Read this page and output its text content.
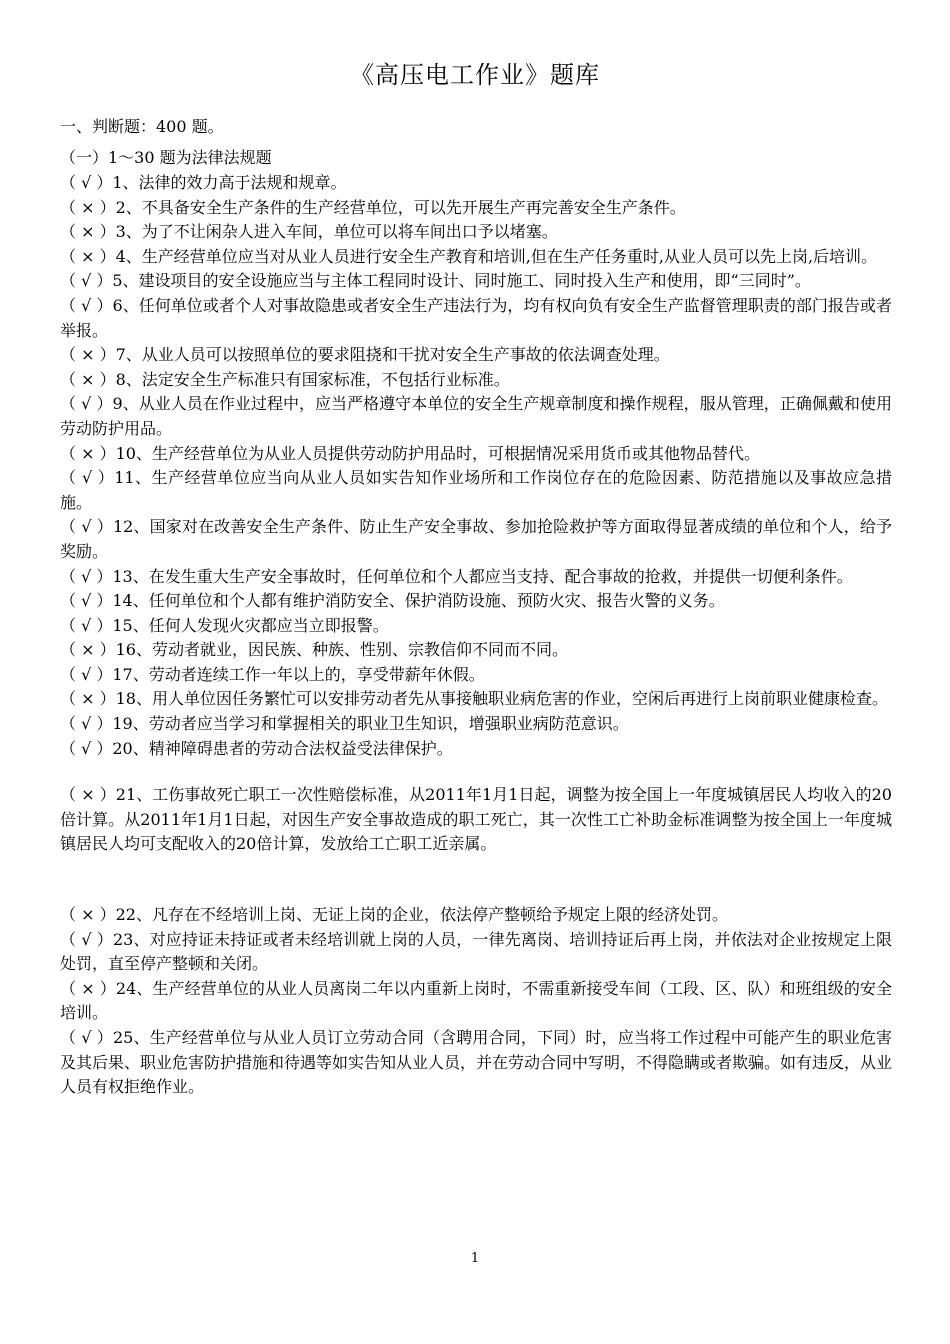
《高压电工作业》题库
一、判断题：400 题。
（一）1～30 题为法律法规题

（ √ ）1、法律的效力高于法规和规章。

（ × ）2、不具备安全生产条件的生产经营单位，可以先开展生产再完善安全生产条件。

（ × ）3、为了不让闲杂人进入车间，单位可以将车间出口予以堵塞。

（ × ）4、生产经营单位应当对从业人员进行安全生产教育和培训,但在生产任务重时,从业人员可以先上岗,后培训。

（ √ ）5、建设项目的安全设施应当与主体工程同时设计、同时施工、同时投入生产和使用，即“三同时”。

（ √ ）6、任何单位或者个人对事故隐患或者安全生产违法行为，均有权向负有安全生产监督管理职责的部门报告或者举报。

（ × ）7、从业人员可以按照单位的要求阻挠和干扰对安全生产事故的依法调查处理。

（ × ）8、法定安全生产标准只有国家标准，不包括行业标准。

（ √ ）9、从业人员在作业过程中，应当严格遵守本单位的安全生产规章制度和操作规程，服从管理，正确佩戴和使用劳动防护用品。

（ × ）10、生产经营单位为从业人员提供劳动防护用品时，可根据情况采用货币或其他物品替代。

（ √ ）11、生产经营单位应当向从业人员如实告知作业场所和工作岗位存在的危险因素、防范措施以及事故应急措施。

（ √ ）12、国家对在改善安全生产条件、防止生产安全事故、参加抢险救护等方面取得显著成绩的单位和个人，给予奖励。

（ √ ）13、在发生重大生产安全事故时，任何单位和个人都应当支持、配合事故的抢救，并提供一切便利条件。

（ √ ）14、任何单位和个人都有维护消防安全、保护消防设施、预防火灾、报告火警的义务。

（ √ ）15、任何人发现火灾都应当立即报警。

（ × ）16、劳动者就业，因民族、种族、性别、宗教信仰不同而不同。

（ √ ）17、劳动者连续工作一年以上的，享受带薪年休假。

（ × ）18、用人单位因任务繁忙可以安排劳动者先从事接触职业病危害的作业，空闲后再进行上岗前职业健康检查。

（ √ ）19、劳动者应当学习和掌握相关的职业卫生知识，增强职业病防范意识。

（ √ ）20、精神障碍患者的劳动合法权益受法律保护。

（ × ）21、工伤事故死亡职工一次性赔偿标准，从2011年1月1日起，调整为按全国上一年度城镇居民人均收入的20倍计算。从2011年1月1日起，对因生产安全事故造成的职工死亡，其一次性工亡补助金标准调整为按全国上一年度城镇居民人均可支配收入的20倍计算，发放给工亡职工近亲属。

（ × ）22、凡存在不经培训上岗、无证上岗的企业，依法停产整顿给予规定上限的经济处罚。

（ √ ）23、对应持证未持证或者未经培训就上岗的人员，一律先离岗、培训持证后再上岗，并依法对企业按规定上限处罚，直至停产整顿和关闭。

（ × ）24、生产经营单位的从业人员离岗二年以内重新上岗时，不需重新接受车间（工段、区、队）和班组级的安全培训。

（ √ ）25、生产经营单位与从业人员订立劳动合同（含聘用合同，下同）时，应当将工作过程中可能产生的职业危害及其后果、职业危害防护措施和待遇等如实告知从业人员，并在劳动合同中写明，不得隐瞒或者欺骗。如有违反，从业人员有权拒绝作业。

1
